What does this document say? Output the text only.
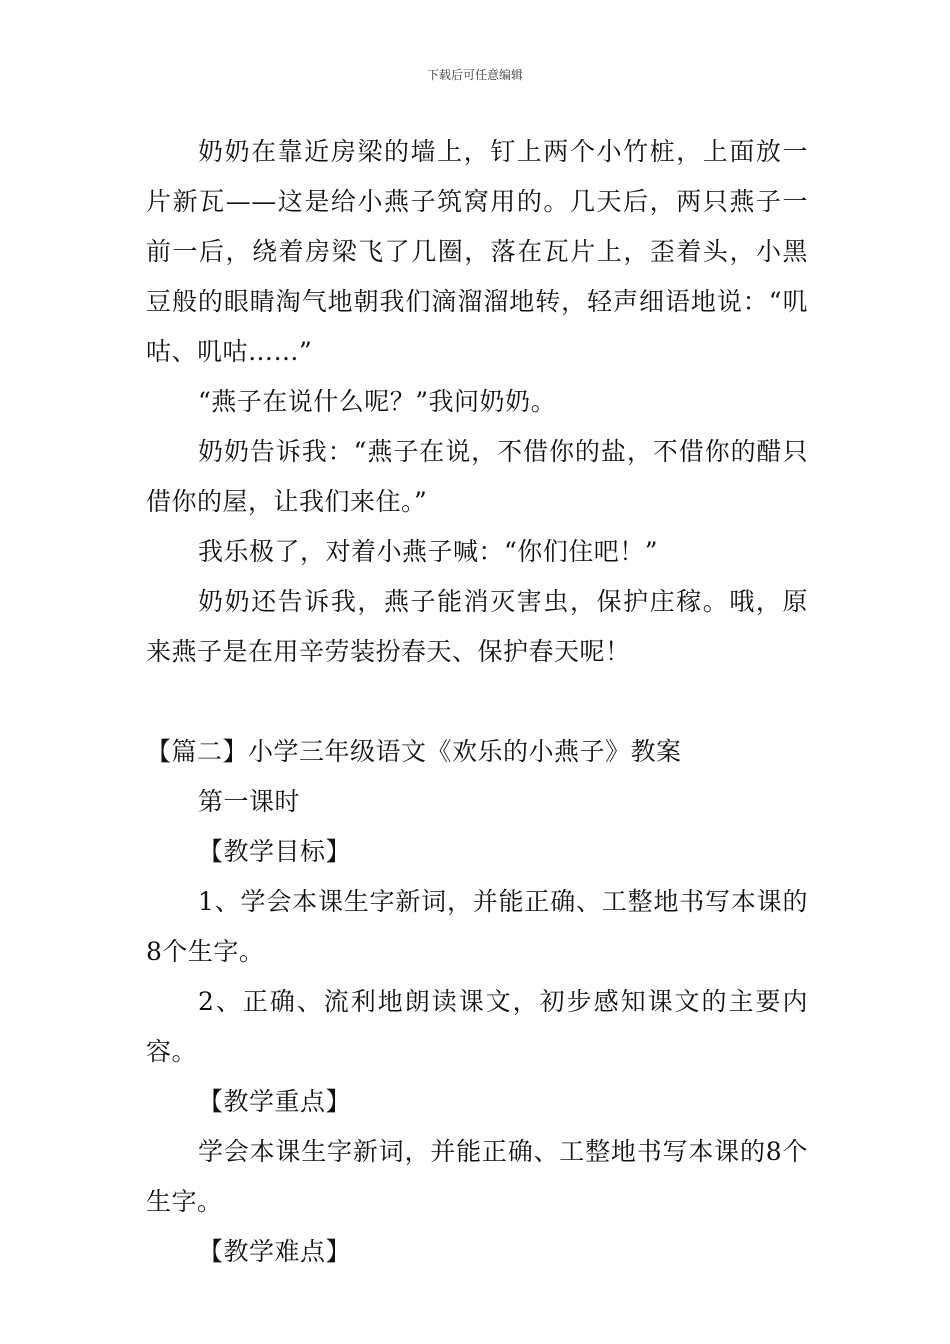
下载后可任意编辑

奶奶在靠近房梁的墙上，钉上两个小竹桩，上面放一片新瓦——这是给小燕子筑窝用的。几天后，两只燕子一前一后，绕着房梁飞了几圈，落在瓦片上，歪着头，小黑豆般的眼睛淘气地朝我们滴溜溜地转，轻声细语地说：“叽咕、叽咕……”

“燕子在说什么呢？”我问奶奶。

奶奶告诉我：“燕子在说，不借你的盐，不借你的醋只借你的屋，让我们来住。”

我乐极了，对着小燕子喊：“你们住吧！”

奶奶还告诉我，燕子能消灭害虫，保护庄稼。哦，原来燕子是在用辛劳装扮春天、保护春天呢！

【篇二】小学三年级语文《欢乐的小燕子》教案

第一课时

【教学目标】

1、学会本课生字新词，并能正确、工整地书写本课的8个生字。

2、正确、流利地朗读课文，初步感知课文的主要内容。

【教学重点】

学会本课生字新词，并能正确、工整地书写本课的8个生字。

【教学难点】
